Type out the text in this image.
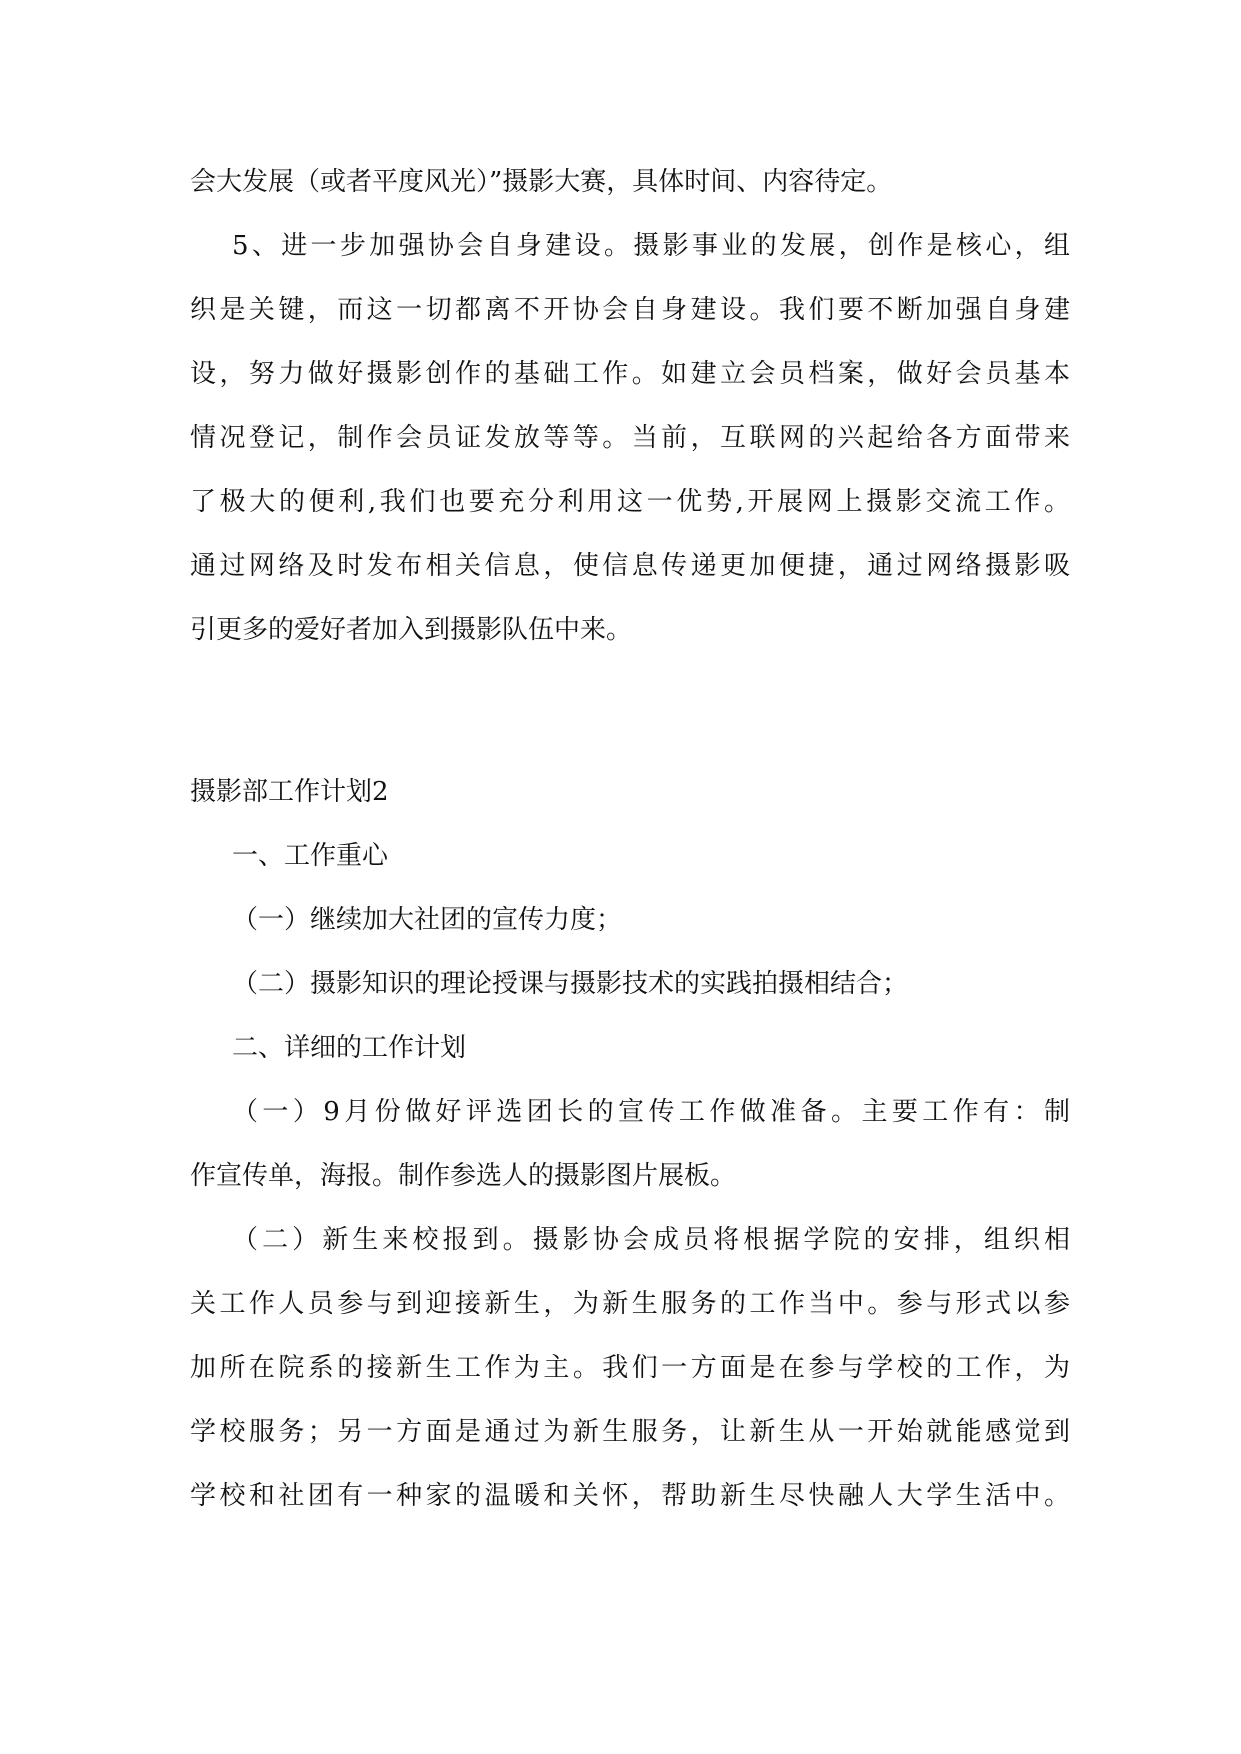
会大发展（或者平度风光）”摄影大赛，具体时间、内容待定。
5、进一步加强协会自身建设。摄影事业的发展，创作是核心，组
织是关键，而这一切都离不开协会自身建设。我们要不断加强自身建
设，努力做好摄影创作的基础工作。如建立会员档案，做好会员基本
情况登记，制作会员证发放等等。当前，互联网的兴起给各方面带来
了极大的便利,我们也要充分利用这一优势,开展网上摄影交流工作。
通过网络及时发布相关信息，使信息传递更加便捷，通过网络摄影吸
引更多的爱好者加入到摄影队伍中来。
摄影部工作计划2
一、工作重心
（一）继续加大社团的宣传力度；
（二）摄影知识的理论授课与摄影技术的实践拍摄相结合；
二、详细的工作计划
（一）9月份做好评选团长的宣传工作做准备。主要工作有：制
作宣传单，海报。制作参选人的摄影图片展板。
（二）新生来校报到。摄影协会成员将根据学院的安排，组织相
关工作人员参与到迎接新生，为新生服务的工作当中。参与形式以参
加所在院系的接新生工作为主。我们一方面是在参与学校的工作，为
学校服务；另一方面是通过为新生服务，让新生从一开始就能感觉到
学校和社团有一种家的温暖和关怀，帮助新生尽快融人大学生活中。
